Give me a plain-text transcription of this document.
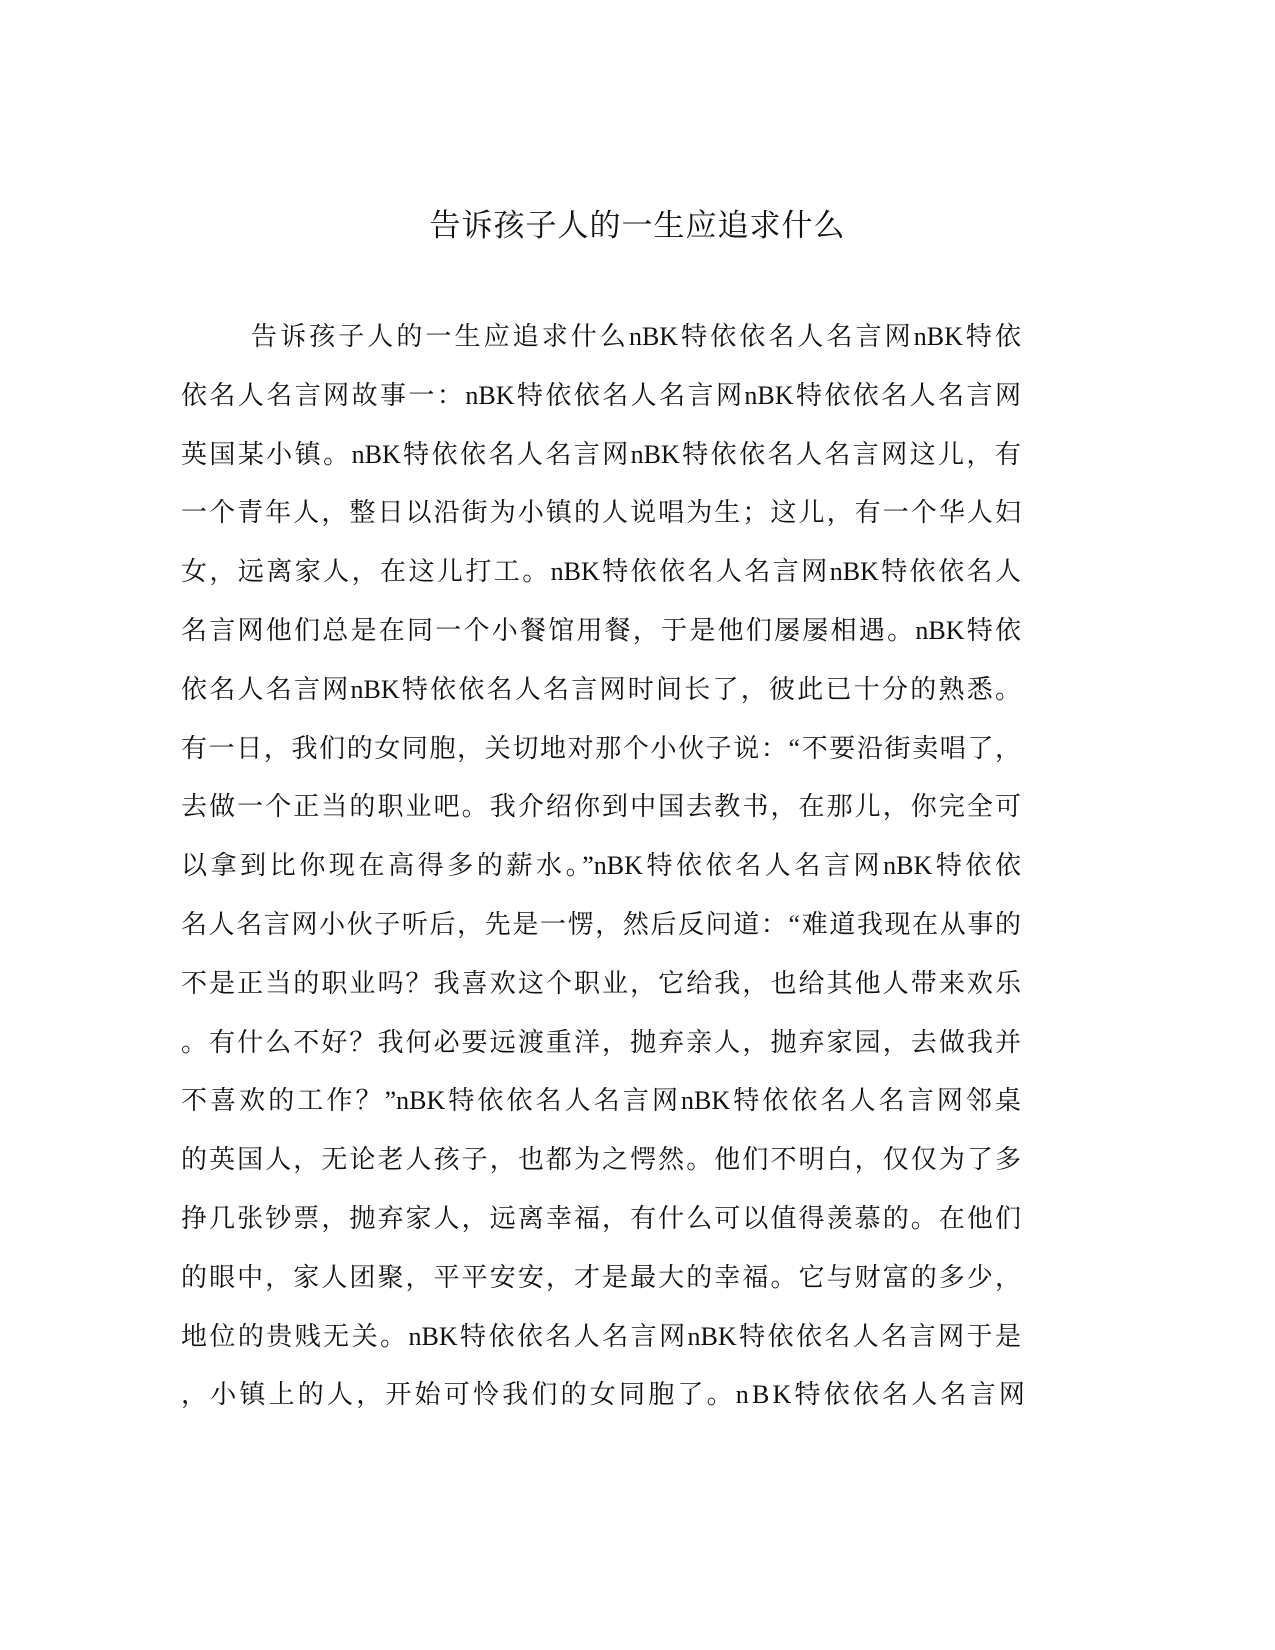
告诉孩子人的一生应追求什么
告诉孩子人的一生应追求什么nBK特依依名人名言网nBK特依
依名人名言网故事一：nBK特依依名人名言网nBK特依依名人名言网
英国某小镇。nBK特依依名人名言网nBK特依依名人名言网这儿，有
一个青年人，整日以沿街为小镇的人说唱为生；这儿，有一个华人妇
女，远离家人，在这儿打工。nBK特依依名人名言网nBK特依依名人
名言网他们总是在同一个小餐馆用餐，于是他们屡屡相遇。nBK特依
依名人名言网nBK特依依名人名言网时间长了，彼此已十分的熟悉。
有一日，我们的女同胞，关切地对那个小伙子说：“不要沿街卖唱了，
去做一个正当的职业吧。我介绍你到中国去教书，在那儿，你完全可
以拿到比你现在高得多的薪水。”nBK特依依名人名言网nBK特依依
名人名言网小伙子听后，先是一愣，然后反问道：“难道我现在从事的
不是正当的职业吗？我喜欢这个职业，它给我，也给其他人带来欢乐
。有什么不好？我何必要远渡重洋，抛弃亲人，抛弃家园，去做我并
不喜欢的工作？”nBK特依依名人名言网nBK特依依名人名言网邻桌
的英国人，无论老人孩子，也都为之愕然。他们不明白，仅仅为了多
挣几张钞票，抛弃家人，远离幸福，有什么可以值得羡慕的。在他们
的眼中，家人团聚，平平安安，才是最大的幸福。它与财富的多少，
地位的贵贱无关。nBK特依依名人名言网nBK特依依名人名言网于是
，小镇上的人，开始可怜我们的女同胞了。nBK特依依名人名言网
